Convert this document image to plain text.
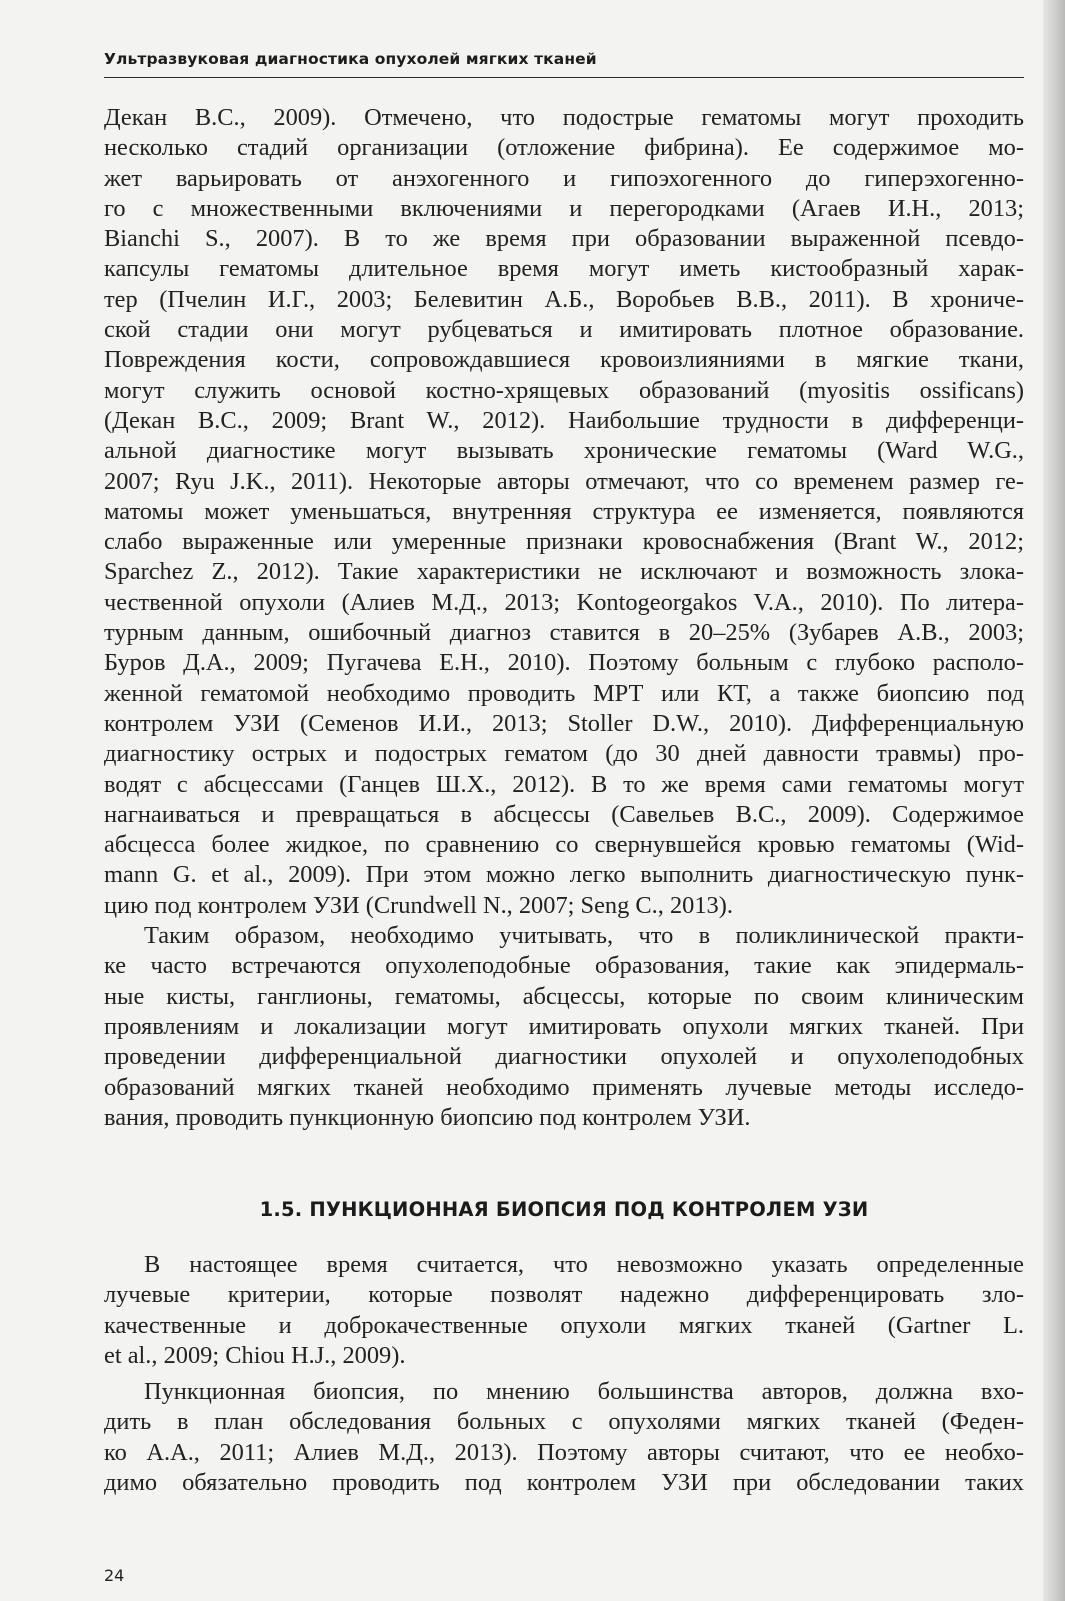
Ультразвуковая диагностика опухолей мягких тканей

Декан В.С., 2009). Отмечено, что подострые гематомы могут проходить
несколько стадий организации (отложение фибрина). Ее содержимое мо-
жет варьировать от анэхогенного и гипоэхогенного до гиперэхогенно-
го с множественными включениями и перегородками (Агаев И.Н., 2013;
Bianchi S., 2007). В то же время при образовании выраженной псевдо-
капсулы гематомы длительное время могут иметь кистообразный харак-
тер (Пчелин И.Г., 2003; Белевитин А.Б., Воробьев В.В., 2011). В хрониче-
ской стадии они могут рубцеваться и имитировать плотное образование.
Повреждения кости, сопровождавшиеся кровоизлияниями в мягкие ткани,
могут служить основой костно-хрящевых образований (myositis ossificans)
(Декан В.С., 2009; Brant W., 2012). Наибольшие трудности в дифференци-
альной диагностике могут вызывать хронические гематомы (Ward W.G.,
2007; Ryu J.K., 2011). Некоторые авторы отмечают, что со временем размер ге-
матомы может уменьшаться, внутренняя структура ее изменяется, появляются
слабо выраженные или умеренные признаки кровоснабжения (Brant W., 2012;
Sparchez Z., 2012). Такие характеристики не исключают и возможность злока-
чественной опухоли (Алиев М.Д., 2013; Kontogeorgakos V.A., 2010). По литера-
турным данным, ошибочный диагноз ставится в 20–25% (Зубарев А.В., 2003;
Буров Д.А., 2009; Пугачева Е.Н., 2010). Поэтому больным с глубоко располо-
женной гематомой необходимо проводить МРТ или КТ, а также биопсию под
контролем УЗИ (Семенов И.И., 2013; Stoller D.W., 2010). Дифференциальную
диагностику острых и подострых гематом (до 30 дней давности травмы) про-
водят с абсцессами (Ганцев Ш.Х., 2012). В то же время сами гематомы могут
нагнаиваться и превращаться в абсцессы (Савельев В.С., 2009). Содержимое
абсцесса более жидкое, по сравнению со свернувшейся кровью гематомы (Wid-
mann G. et al., 2009). При этом можно легко выполнить диагностическую пунк-
цию под контролем УЗИ (Crundwell N., 2007; Seng C., 2013).

Таким образом, необходимо учитывать, что в поликлинической практи-
ке часто встречаются опухолеподобные образования, такие как эпидермаль-
ные кисты, ганглионы, гематомы, абсцессы, которые по своим клиническим
проявлениям и локализации могут имитировать опухоли мягких тканей. При
проведении дифференциальной диагностики опухолей и опухолеподобных
образований мягких тканей необходимо применять лучевые методы исследо-
вания, проводить пункционную биопсию под контролем УЗИ.

1.5. ПУНКЦИОННАЯ БИОПСИЯ ПОД КОНТРОЛЕМ УЗИ

В настоящее время считается, что невозможно указать определенные
лучевые критерии, которые позволят надежно дифференцировать зло-
качественные и доброкачественные опухоли мягких тканей (Gartner L.
et al., 2009; Chiou H.J., 2009).

Пункционная биопсия, по мнению большинства авторов, должна вхо-
дить в план обследования больных с опухолями мягких тканей (Феден-
ко А.А., 2011; Алиев М.Д., 2013). Поэтому авторы считают, что ее необхо-
димо обязательно проводить под контролем УЗИ при обследовании таких

24
